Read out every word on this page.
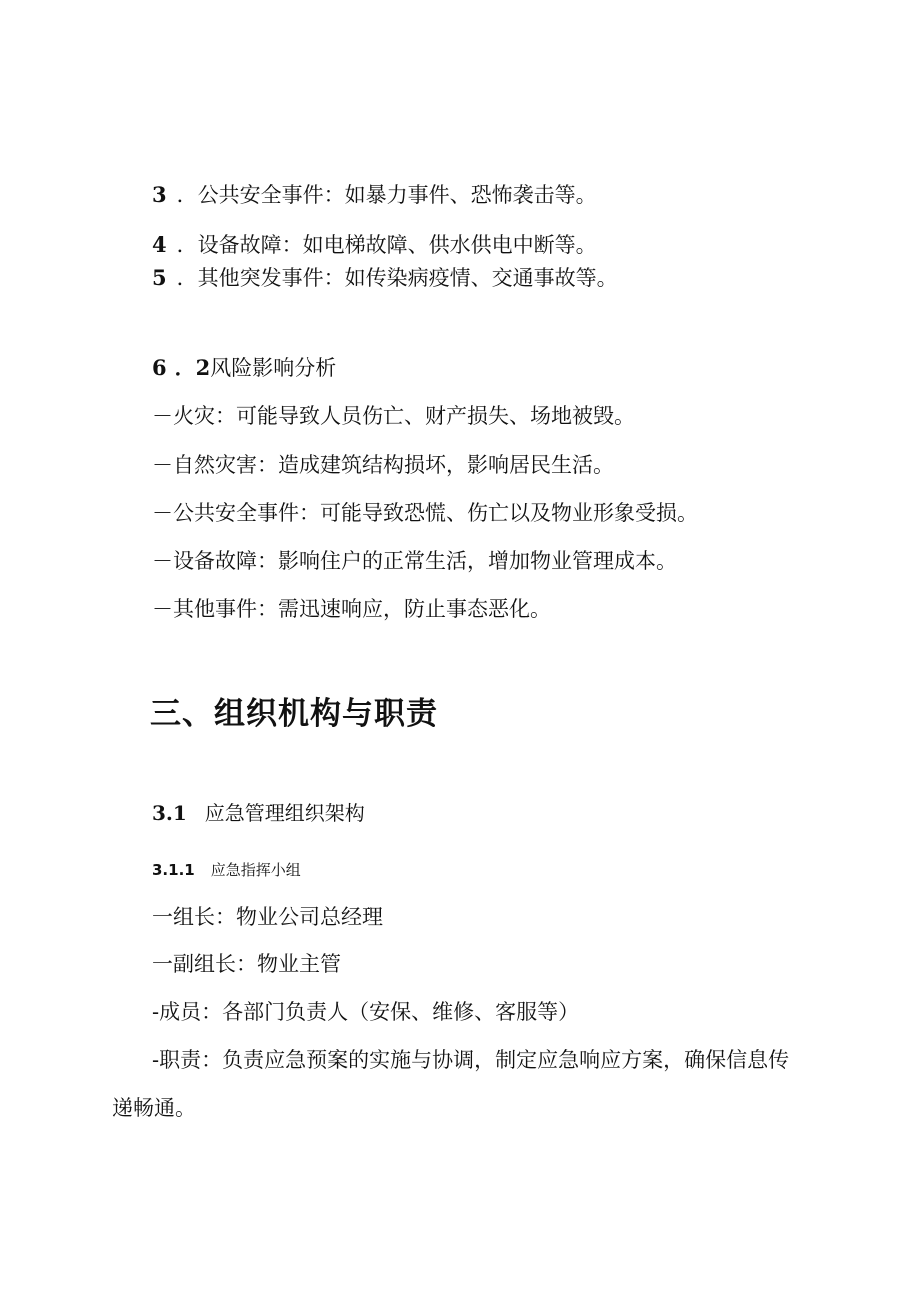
3 ．公共安全事件：如暴力事件、恐怖袭击等。
4 ．设备故障：如电梯故障、供水供电中断等。
5 ．其他突发事件：如传染病疫情、交通事故等。
6 ．2风险影响分析
－火灾：可能导致人员伤亡、财产损失、场地被毁。
－自然灾害：造成建筑结构损坏，影响居民生活。
－公共安全事件：可能导致恐慌、伤亡以及物业形象受损。
－设备故障：影响住户的正常生活，增加物业管理成本。
－其他事件：需迅速响应，防止事态恶化。
三、组织机构与职责
3.1 应急管理组织架构
3.1.1 应急指挥小组
一组长：物业公司总经理
一副组长：物业主管
-成员：各部门负责人（安保、维修、客服等）
-职责：负责应急预案的实施与协调，制定应急响应方案，确保信息传
递畅通。
